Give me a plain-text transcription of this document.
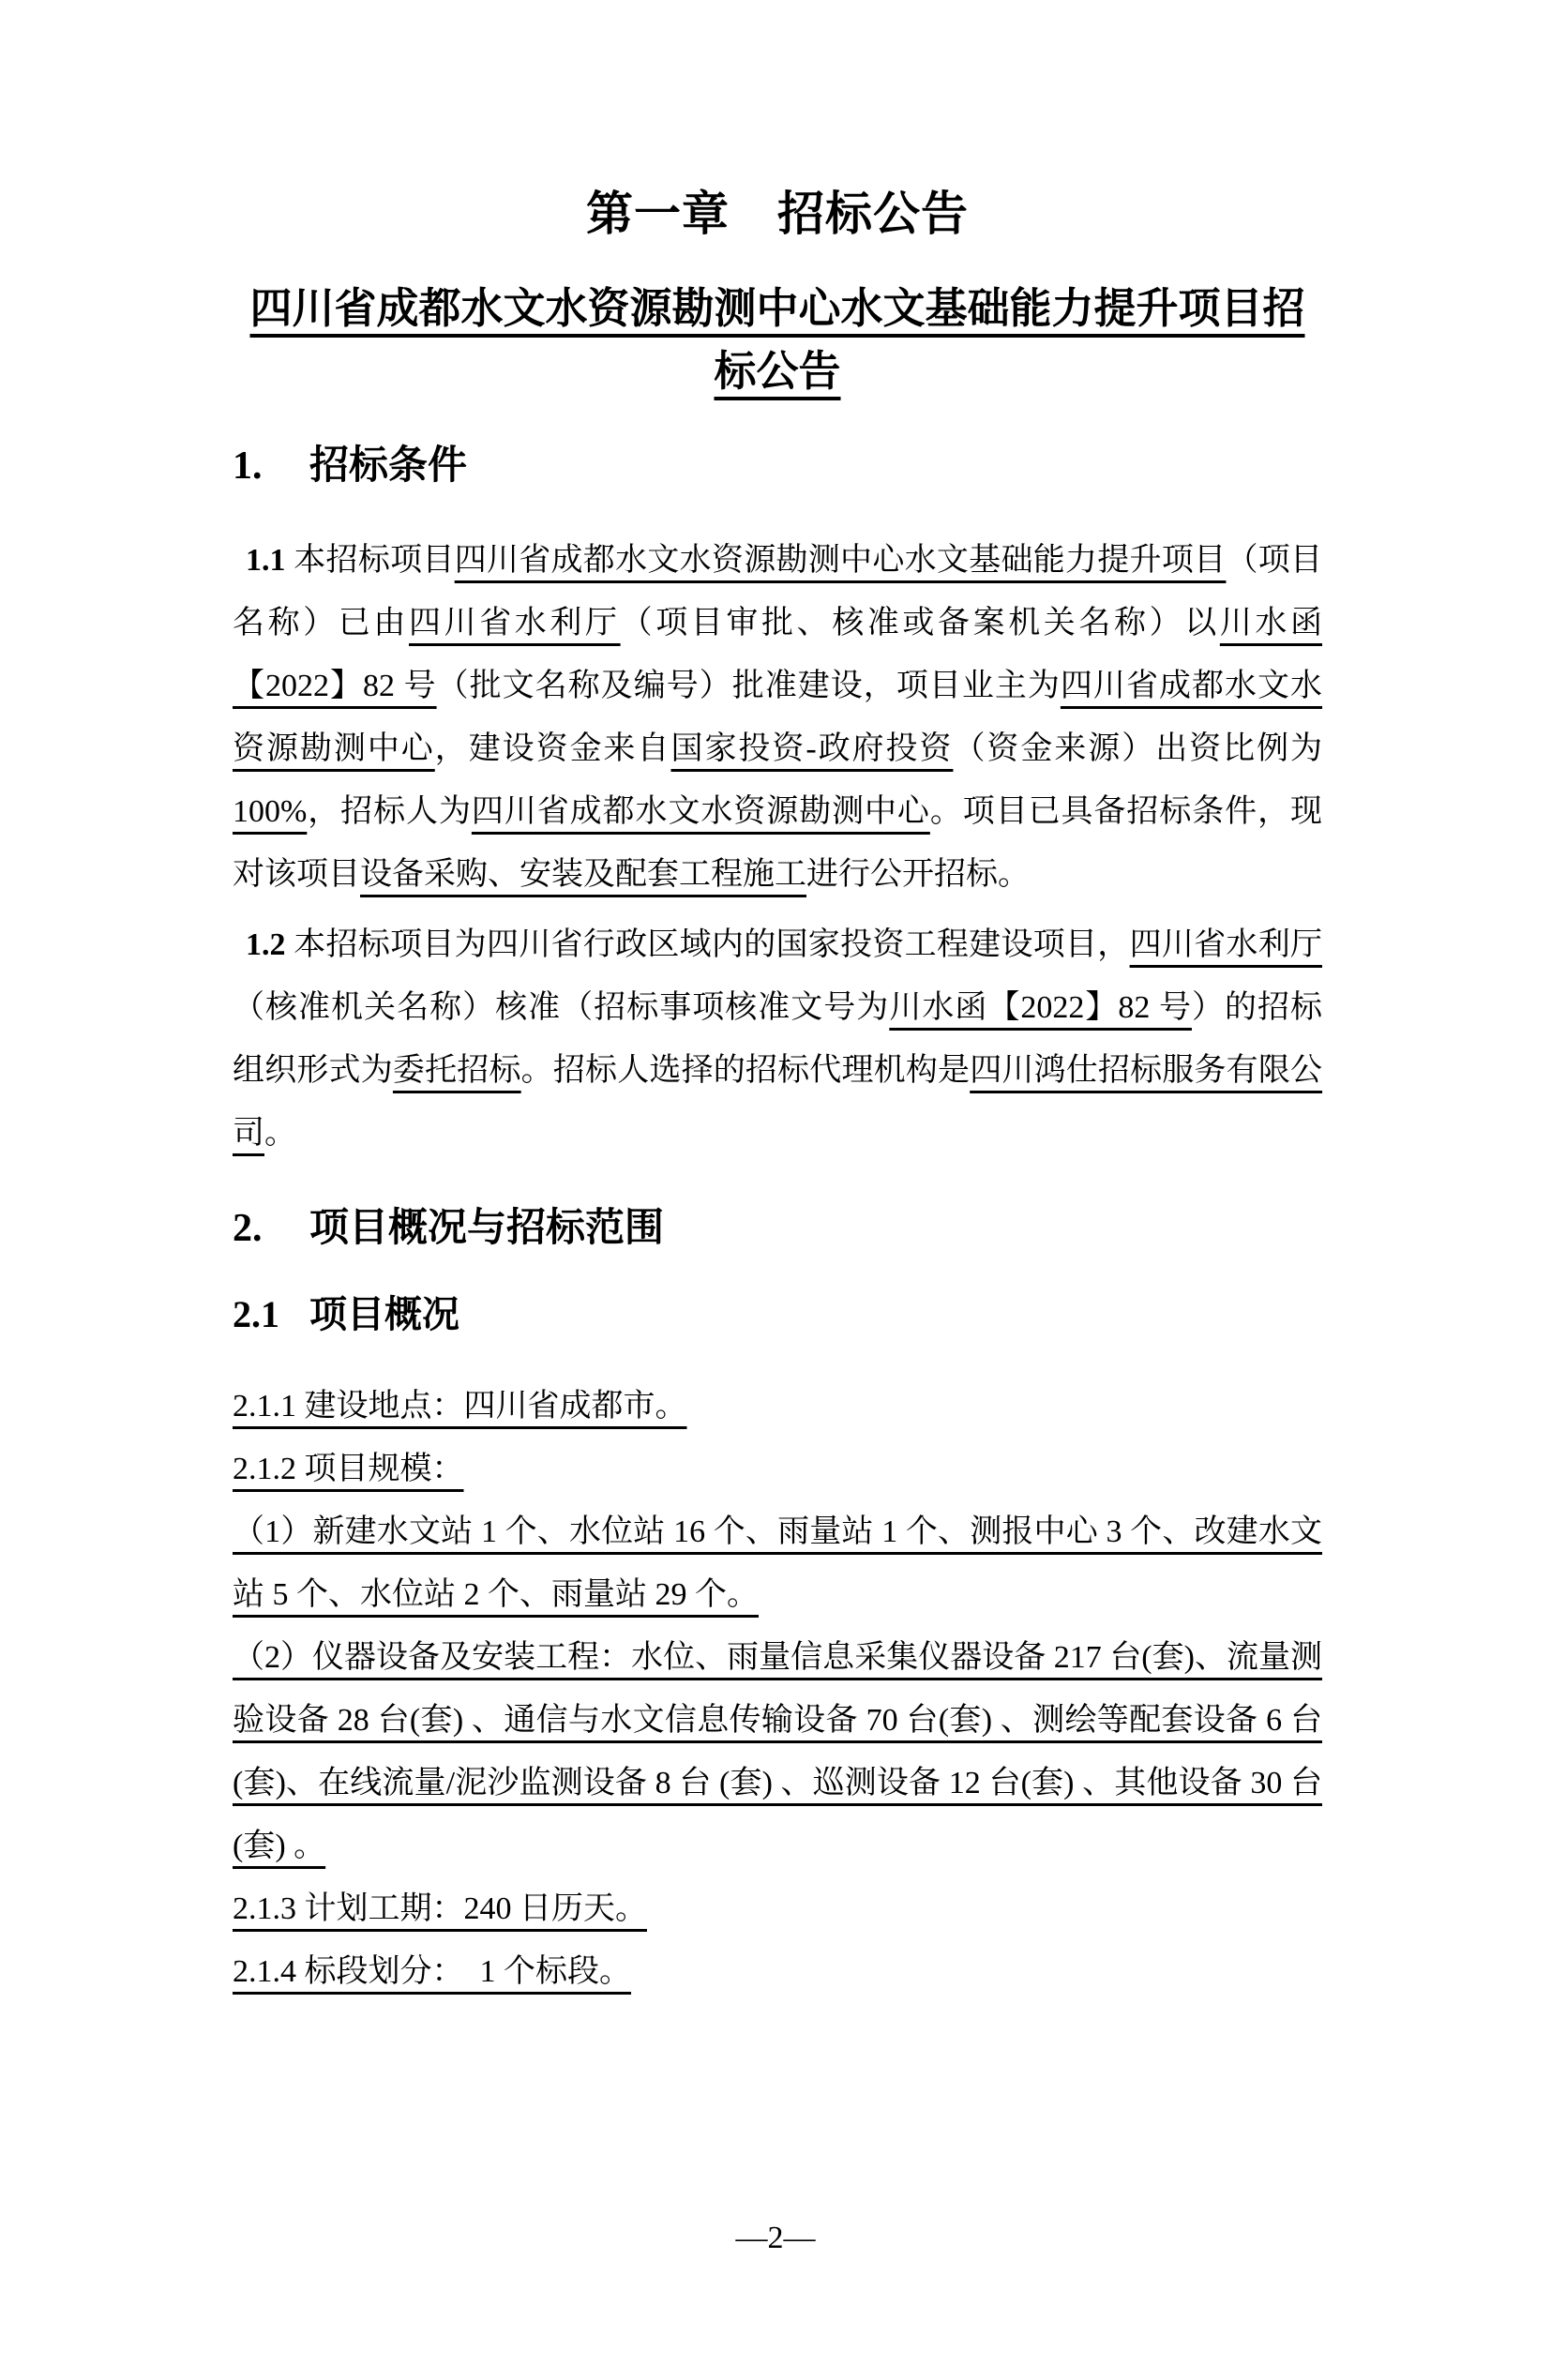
第一章　招标公告
四川省成都水文水资源勘测中心水文基础能力提升项目招标公告
1. 招标条件
1.1 本招标项目四川省成都水文水资源勘测中心水文基础能力提升项目（项目名称）已由四川省水利厅（项目审批、核准或备案机关名称）以川水函【2022】82 号（批文名称及编号）批准建设，项目业主为四川省成都水文水资源勘测中心，建设资金来自国家投资-政府投资（资金来源）出资比例为 100%，招标人为四川省成都水文水资源勘测中心。项目已具备招标条件，现对该项目设备采购、安装及配套工程施工进行公开招标。
1.2 本招标项目为四川省行政区域内的国家投资工程建设项目，四川省水利厅（核准机关名称）核准（招标事项核准文号为川水函【2022】82 号）的招标组织形式为委托招标。招标人选择的招标代理机构是四川鸿仕招标服务有限公司。
2. 项目概况与招标范围
2.1 项目概况
2.1.1 建设地点：四川省成都市。
2.1.2 项目规模：
（1）新建水文站 1 个、水位站 16 个、雨量站 1 个、测报中心 3 个、改建水文站 5 个、水位站 2 个、雨量站 29 个。
（2）仪器设备及安装工程：水位、雨量信息采集仪器设备 217 台(套)、流量测验设备 28 台(套) 、通信与水文信息传输设备 70 台(套) 、测绘等配套设备 6 台(套)、在线流量/泥沙监测设备 8 台 (套) 、巡测设备 12 台(套) 、其他设备 30 台(套) 。
2.1.3 计划工期：240 日历天。
2.1.4 标段划分：　1 个标段。
—2—
